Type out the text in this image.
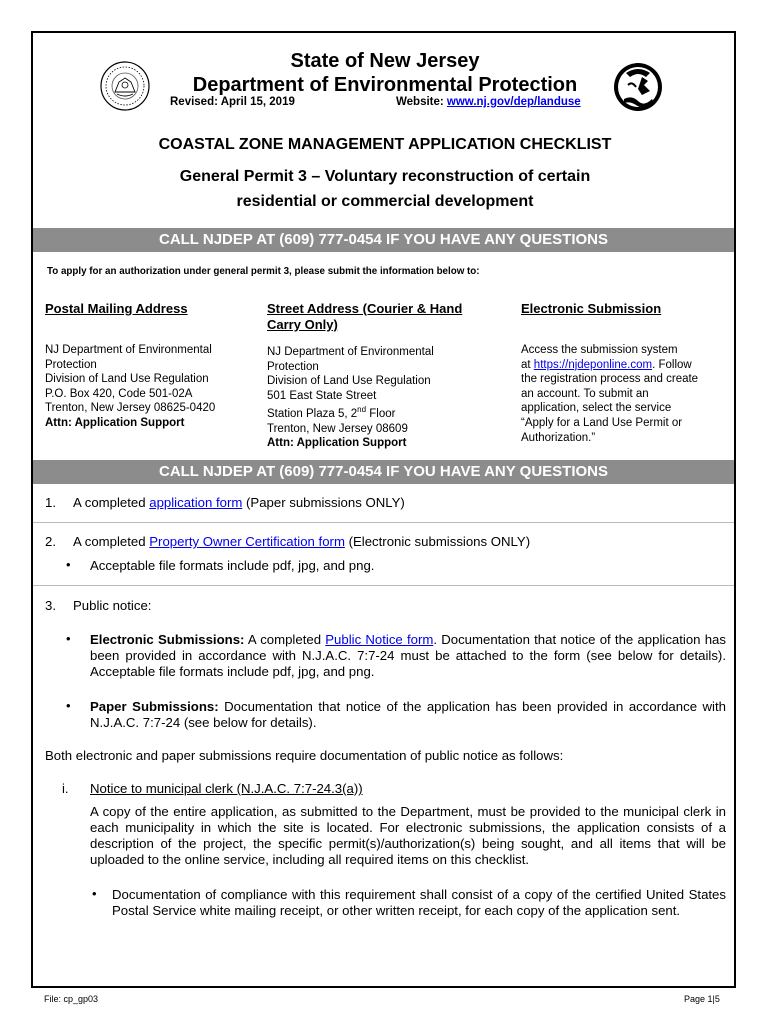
State of New Jersey
Department of Environmental Protection
Revised: April 15, 2019	Website: www.nj.gov/dep/landuse
COASTAL ZONE MANAGEMENT APPLICATION CHECKLIST
General Permit 3 – Voluntary reconstruction of certain
residential or commercial development
CALL NJDEP AT (609) 777-0454 IF YOU HAVE ANY QUESTIONS
To apply for an authorization under general permit 3, please submit the information below to:
Postal Mailing Address
NJ Department of Environmental
Protection
Division of Land Use Regulation
P.O. Box 420, Code 501-02A
Trenton, New Jersey 08625-0420
Attn: Application Support
Street Address (Courier & Hand
Carry Only)
NJ Department of Environmental
Protection
Division of Land Use Regulation
501 East State Street
Station Plaza 5, 2nd Floor
Trenton, New Jersey 08609
Attn: Application Support
Electronic Submission
Access the submission system
at https://njdeponline.com. Follow
the registration process and create
an account. To submit an
application, select the service
“Apply for a Land Use Permit or
Authorization.”
CALL NJDEP AT (609) 777-0454 IF YOU HAVE ANY QUESTIONS
1. A completed application form (Paper submissions ONLY)
2. A completed Property Owner Certification form (Electronic submissions ONLY)
• Acceptable file formats include pdf, jpg, and png.
3. Public notice:
• Electronic Submissions: A completed Public Notice form. Documentation that notice of the application has been provided in accordance with N.J.A.C. 7:7-24 must be attached to the form (see below for details). Acceptable file formats include pdf, jpg, and png.
• Paper Submissions: Documentation that notice of the application has been provided in accordance with N.J.A.C. 7:7-24 (see below for details).
Both electronic and paper submissions require documentation of public notice as follows:
i. Notice to municipal clerk (N.J.A.C. 7:7-24.3(a))
A copy of the entire application, as submitted to the Department, must be provided to the municipal clerk in each municipality in which the site is located. For electronic submissions, the application consists of a description of the project, the specific permit(s)/authorization(s) being sought, and all items that will be uploaded to the online service, including all required items on this checklist.
• Documentation of compliance with this requirement shall consist of a copy of the certified United States Postal Service white mailing receipt, or other written receipt, for each copy of the application sent.
File: cp_gp03	Page 1|5
